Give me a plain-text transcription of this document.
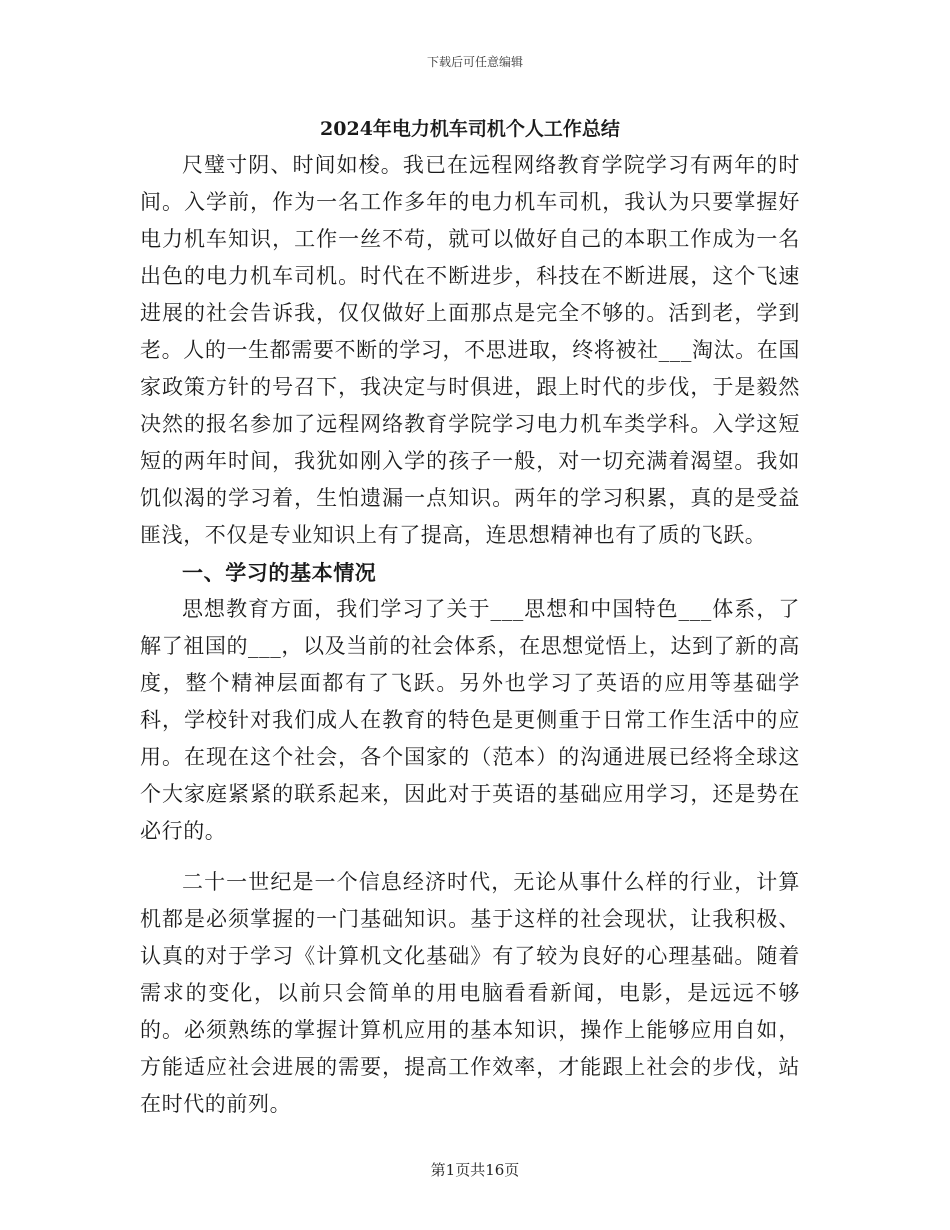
下载后可任意编辑
2024年电力机车司机个人工作总结

尺璧寸阴、时间如梭。我已在远程网络教育学院学习有两年的时间。入学前，作为一名工作多年的电力机车司机，我认为只要掌握好电力机车知识，工作一丝不苟，就可以做好自己的本职工作成为一名出色的电力机车司机。时代在不断进步，科技在不断进展，这个飞速进展的社会告诉我，仅仅做好上面那点是完全不够的。活到老，学到老。人的一生都需要不断的学习，不思进取，终将被社___淘汰。在国家政策方针的号召下，我决定与时俱进，跟上时代的步伐，于是毅然决然的报名参加了远程网络教育学院学习电力机车类学科。入学这短短的两年时间，我犹如刚入学的孩子一般，对一切充满着渴望。我如饥似渴的学习着，生怕遗漏一点知识。两年的学习积累，真的是受益匪浅，不仅是专业知识上有了提高，连思想精神也有了质的飞跃。

一、学习的基本情况

思想教育方面，我们学习了关于___思想和中国特色___体系，了解了祖国的___，以及当前的社会体系，在思想觉悟上，达到了新的高度，整个精神层面都有了飞跃。另外也学习了英语的应用等基础学科，学校针对我们成人在教育的特色是更侧重于日常工作生活中的应用。在现在这个社会，各个国家的（范本）的沟通进展已经将全球这个大家庭紧紧的联系起来，因此对于英语的基础应用学习，还是势在必行的。

二十一世纪是一个信息经济时代，无论从事什么样的行业，计算机都是必须掌握的一门基础知识。基于这样的社会现状，让我积极、认真的对于学习《计算机文化基础》有了较为良好的心理基础。随着需求的变化，以前只会简单的用电脑看看新闻，电影，是远远不够的。必须熟练的掌握计算机应用的基本知识，操作上能够应用自如，方能适应社会进展的需要，提高工作效率，才能跟上社会的步伐，站在时代的前列。

第1页共16页
